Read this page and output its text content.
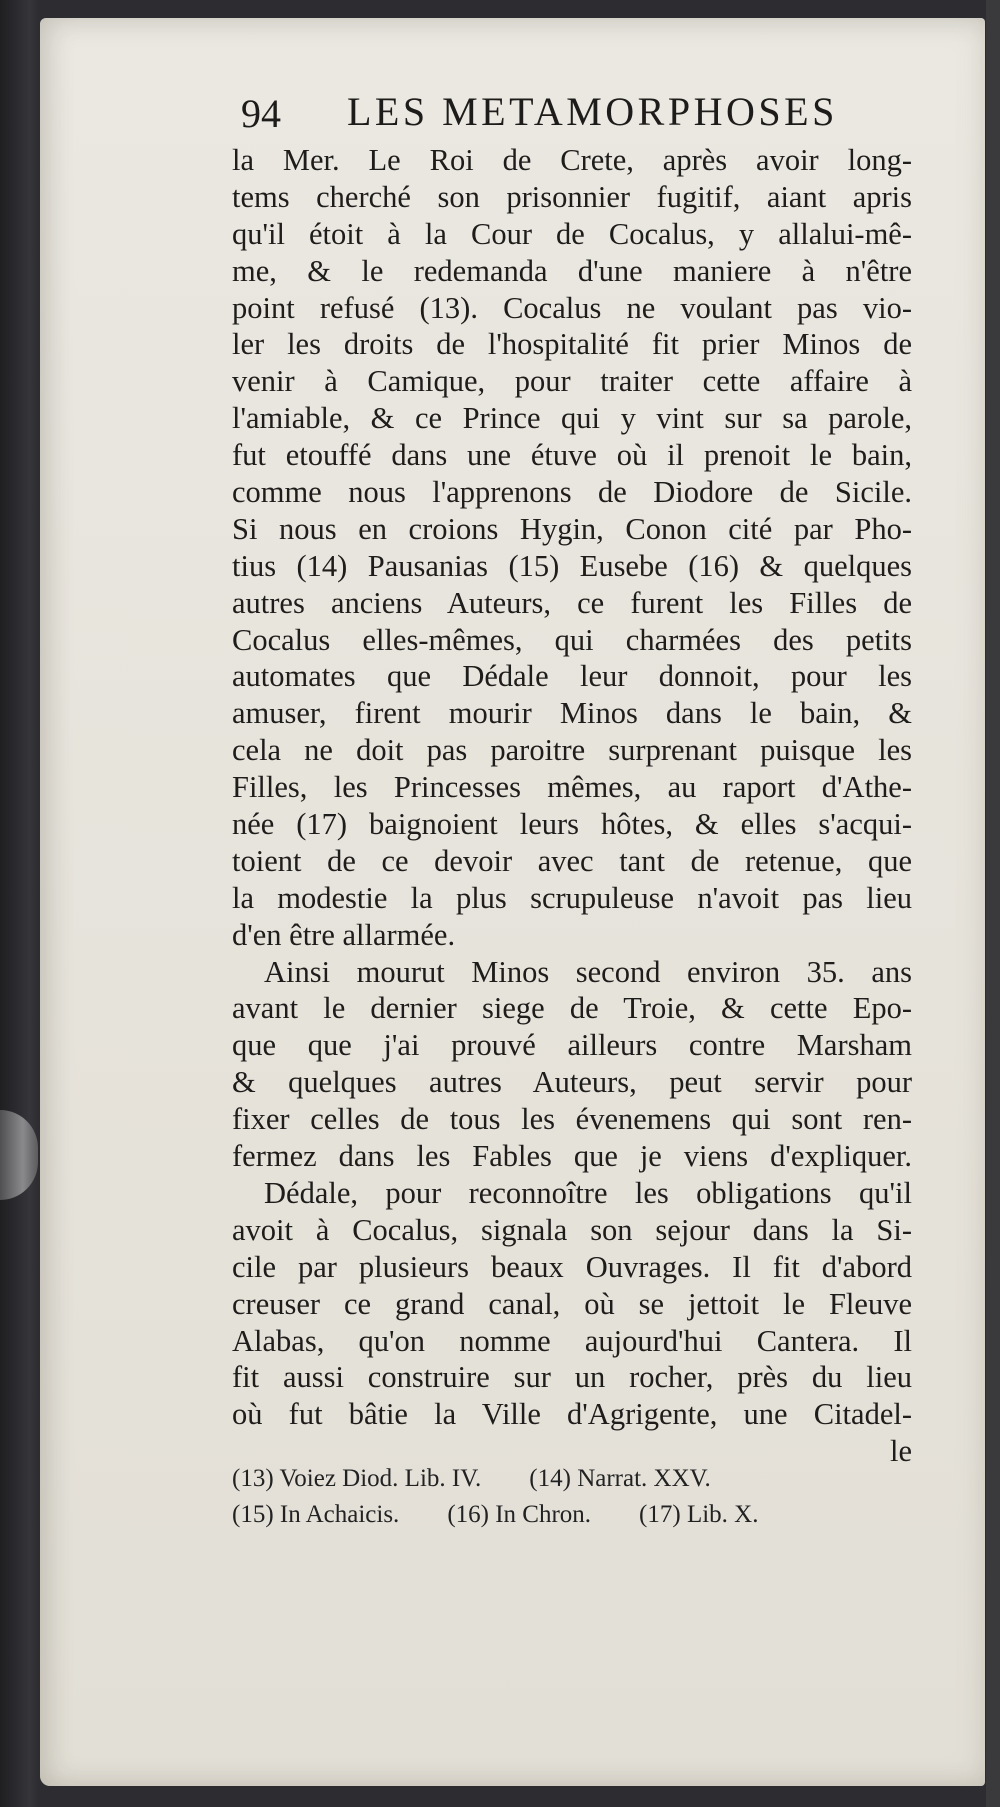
94 LES METAMORPHOSES
la Mer. Le Roi de Crete, après avoir long-
tems cherché son prisonnier fugitif, aiant apris
qu'il étoit à la Cour de Cocalus, y allalui-mê-
me, & le redemanda d'une maniere à n'être
point refusé (13). Cocalus ne voulant pas vio-
ler les droits de l'hospitalité fit prier Minos de
venir à Camique, pour traiter cette affaire à
l'amiable, & ce Prince qui y vint sur sa parole,
fut etouffé dans une étuve où il prenoit le bain,
comme nous l'apprenons de Diodore de Sicile.
Si nous en croions Hygin, Conon cité par Pho-
tius (14) Pausanias (15) Eusebe (16) & quelques
autres anciens Auteurs, ce furent les Filles de
Cocalus elles-mêmes, qui charmées des petits
automates que Dédale leur donnoit, pour les
amuser, firent mourir Minos dans le bain, &
cela ne doit pas paroitre surprenant puisque les
Filles, les Princesses mêmes, au raport d'Athe-
née (17) baignoient leurs hôtes, & elles s'acqui-
toient de ce devoir avec tant de retenue, que
la modestie la plus scrupuleuse n'avoit pas lieu
d'en être allarmée.
Ainsi mourut Minos second environ 35. ans
avant le dernier siege de Troie, & cette Epo-
que que j'ai prouvé ailleurs contre Marsham
& quelques autres Auteurs, peut servir pour
fixer celles de tous les évenemens qui sont ren-
fermez dans les Fables que je viens d'expliquer.
Dédale, pour reconnoître les obligations qu'il
avoit à Cocalus, signala son sejour dans la Si-
cile par plusieurs beaux Ouvrages. Il fit d'abord
creuser ce grand canal, où se jettoit le Fleuve
Alabas, qu'on nomme aujourd'hui Cantera. Il
fit aussi construire sur un rocher, près du lieu
où fut bâtie la Ville d'Agrigente, une Citadel-
le
(13) Voiez Diod. Lib. IV. (14) Narrat. XXV.
(15) In Achaicis. (16) In Chron. (17) Lib. X.
